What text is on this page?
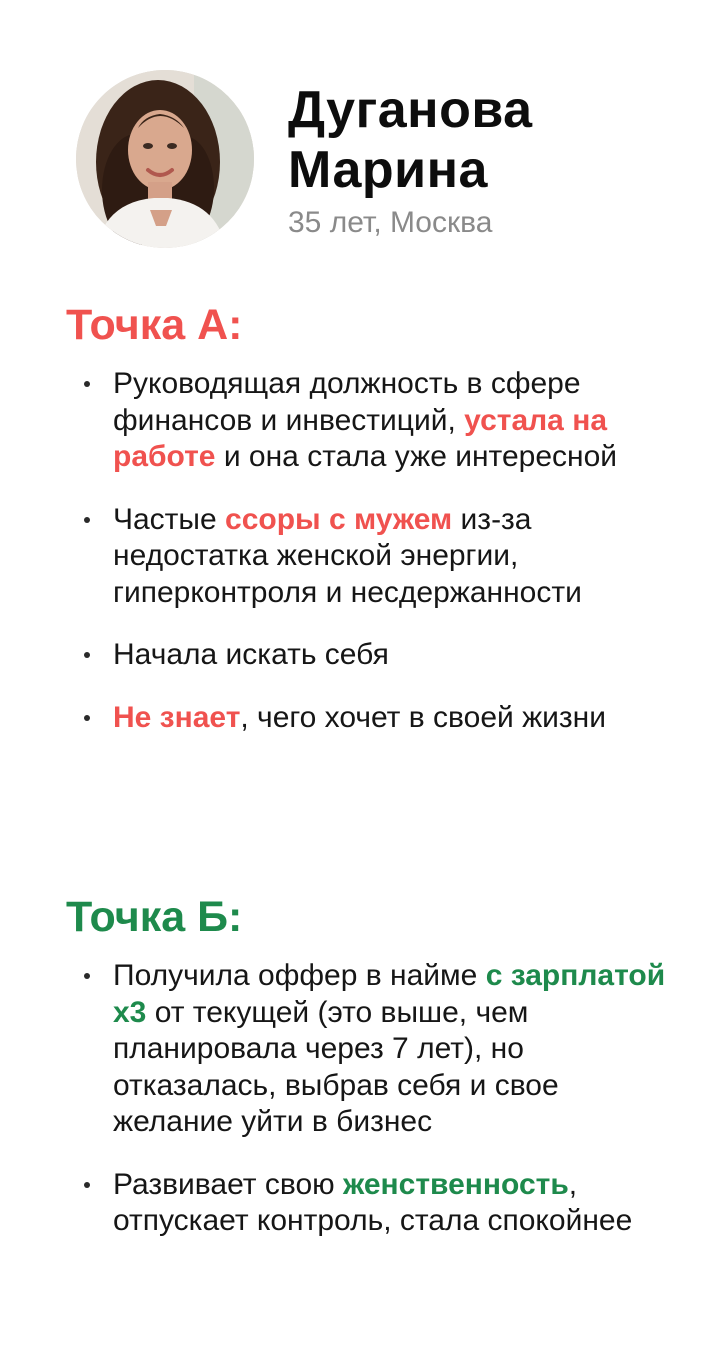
Дуганова
Марина

35 лет, Москва

Точка А:
Руководящая должность в сфере финансов и инвестиций, устала на работе и она стала уже интересной
Частые ссоры с мужем из-за недостатка женской энергии, гиперконтроля и несдержанности
Начала искать себя
Не знает, чего хочет в своей жизни
Точка Б:
Получила оффер в найме с зарплатой х3 от текущей (это выше, чем планировала через 7 лет), но отказалась, выбрав себя и свое желание уйти в бизнес
Развивает свою женственность, отпускает контроль, стала спокойнее
